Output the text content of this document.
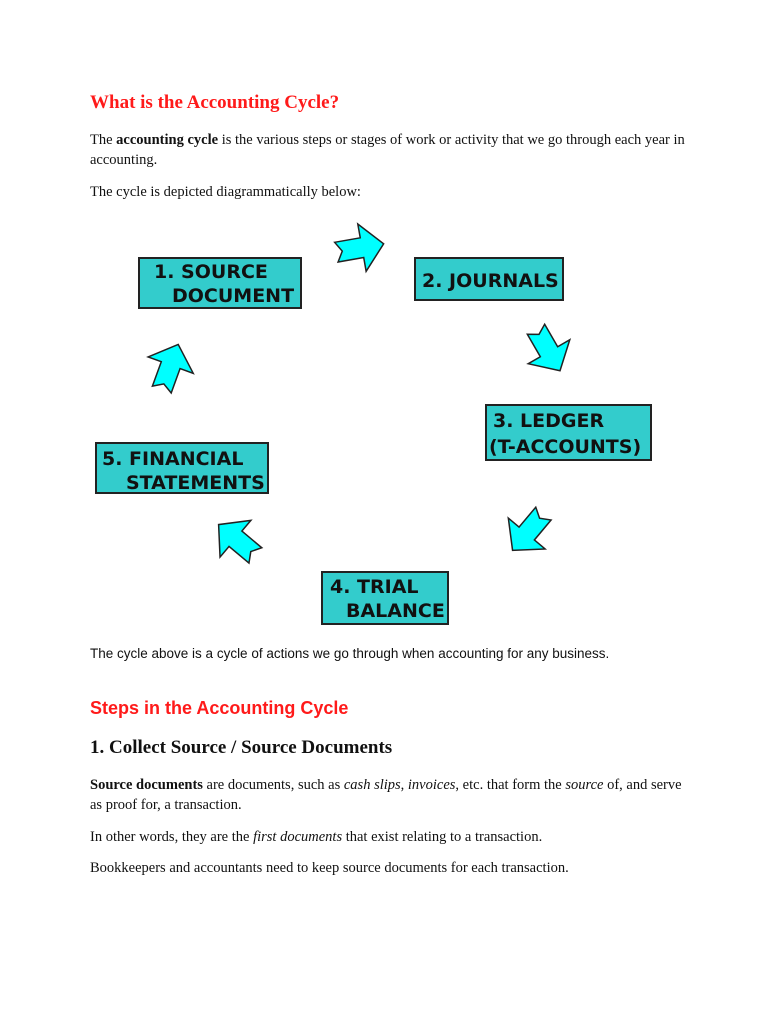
What is the Accounting Cycle?

The accounting cycle is the various steps or stages of work or activity that we go through each year in accounting.

The cycle is depicted diagrammatically below:

1. SOURCE
DOCUMENT
2. JOURNALS
3. LEDGER
(T-ACCOUNTS)
4. TRIAL
BALANCE
5. FINANCIAL
STATEMENTS

The cycle above is a cycle of actions we go through when accounting for any business.

Steps in the Accounting Cycle
1. Collect Source / Source Documents

Source documents are documents, such as cash slips, invoices, etc. that form the source of, and serve as proof for, a transaction.

In other words, they are the first documents that exist relating to a transaction.

Bookkeepers and accountants need to keep source documents for each transaction.
